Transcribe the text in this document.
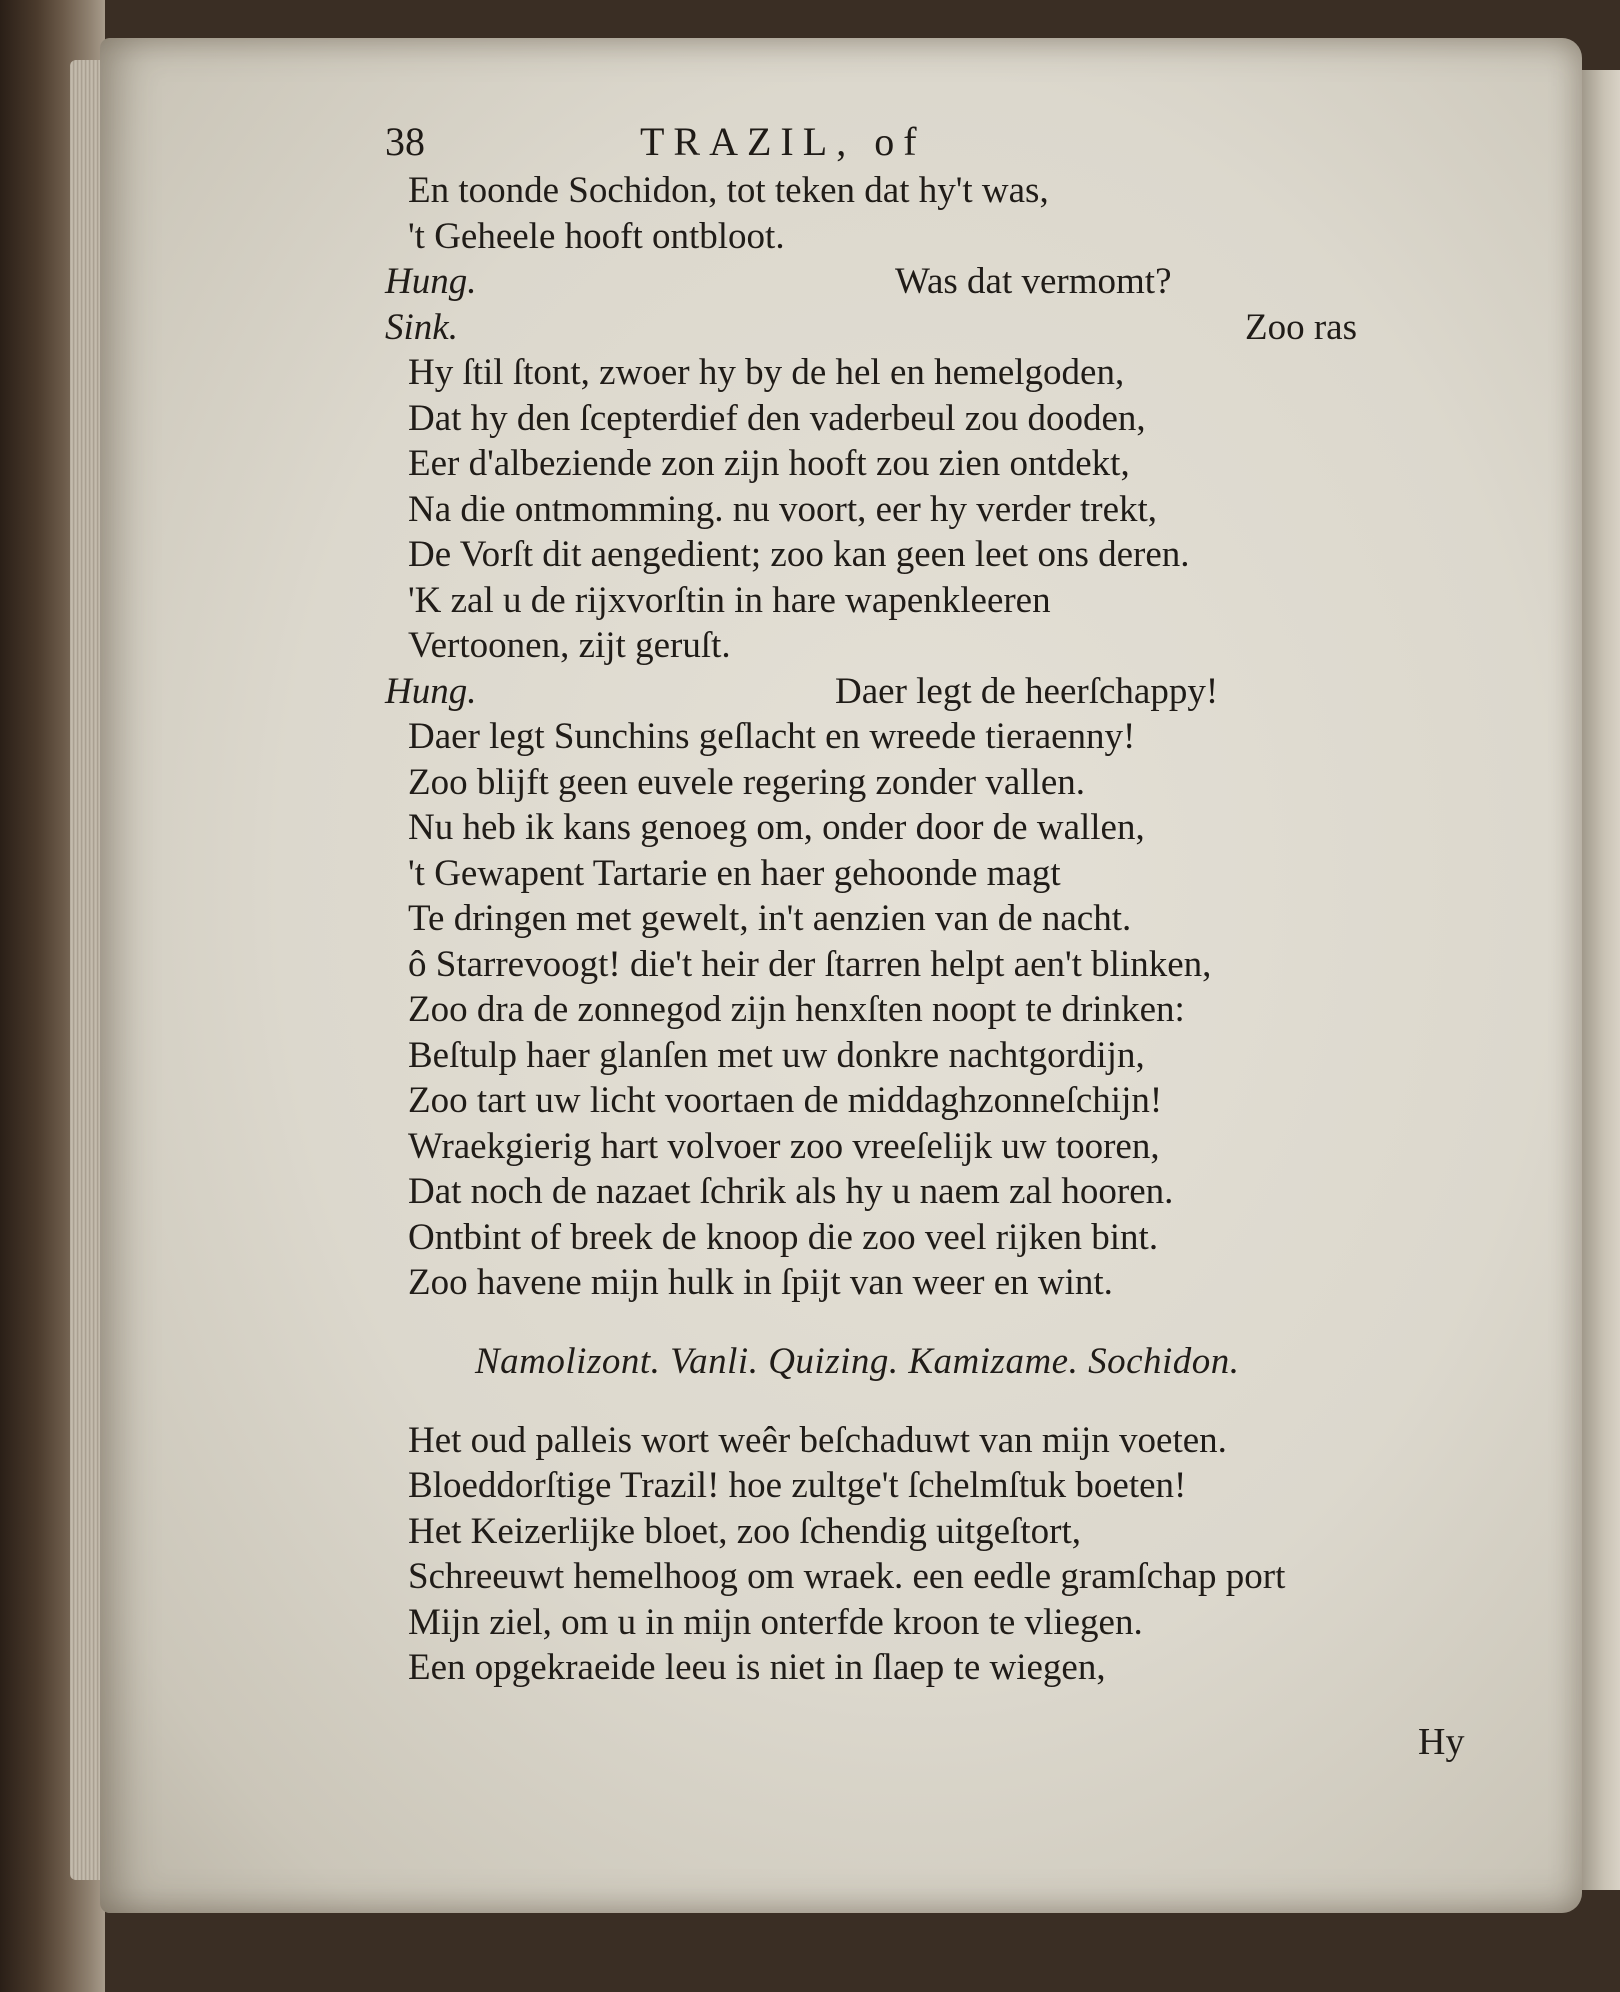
38	TRAZIL, of
En toonde Sochidon, tot teken dat hy't was,
't Geheele hooft ontbloot.
Hung.	Was dat vermomt?
Sink.	Zoo ras
Hy ſtil ſtont, zwoer hy by de hel en hemelgoden,
Dat hy den ſcepterdief den vaderbeul zou dooden,
Eer d'albeziende zon zijn hooft zou zien ontdekt,
Na die ontmomming. nu voort, eer hy verder trekt,
De Vorſt dit aengedient; zoo kan geen leet ons deren.
'K zal u de rijxvorſtin in hare wapenkleeren
Vertoonen, zijt geruſt.
Hung.	Daer legt de heerſchappy!
Daer legt Sunchins geſlacht en wreede tieraenny!
Zoo blijft geen euvele regering zonder vallen.
Nu heb ik kans genoeg om, onder door de wallen,
't Gewapent Tartarie en haer gehoonde magt
Te dringen met gewelt, in't aenzien van de nacht.
ô Starrevoogt! die't heir der ſtarren helpt aen't blinken,
Zoo dra de zonnegod zijn henxſten noopt te drinken:
Beſtulp haer glanſen met uw donkre nachtgordijn,
Zoo tart uw licht voortaen de middaghzonneſchijn!
Wraekgierig hart volvoer zoo vreeſelijk uw tooren,
Dat noch de nazaet ſchrik als hy u naem zal hooren.
Ontbint of breek de knoop die zoo veel rijken bint.
Zoo havene mijn hulk in ſpijt van weer en wint.
Namolizont. Vanli. Quizing. Kamizame. Sochidon.
Het oud palleis wort weêr beſchaduwt van mijn voeten.
Bloeddorſtige Trazil! hoe zultge't ſchelmſtuk boeten!
Het Keizerlijke bloet, zoo ſchendig uitgeſtort,
Schreeuwt hemelhoog om wraek. een eedle gramſchap port
Mijn ziel, om u in mijn onterfde kroon te vliegen.
Een opgekraeide leeu is niet in ſlaep te wiegen,
Hy
